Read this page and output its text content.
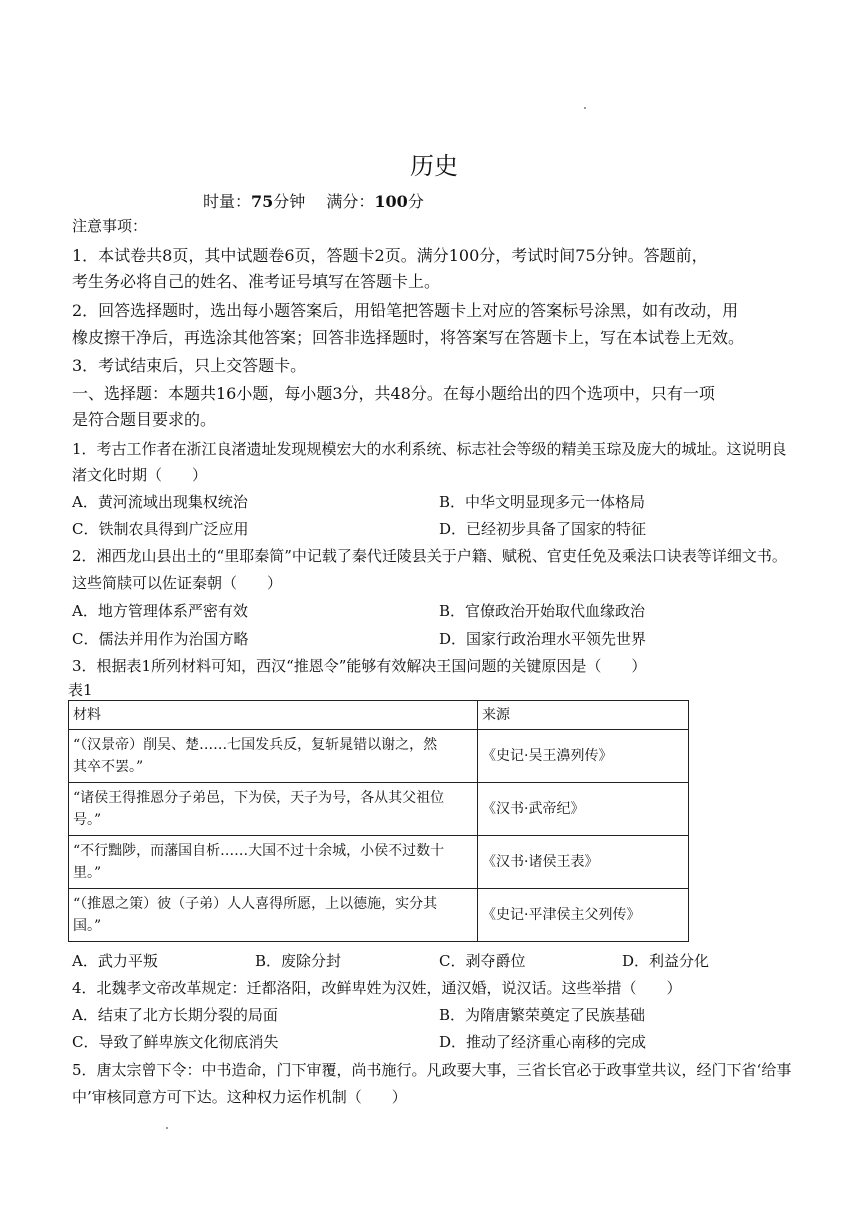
历史
时量：75分钟　 满分：100分
注意事项：
1．本试卷共8页，其中试题卷6页，答题卡2页。满分100分，考试时间75分钟。答题前，
考生务必将自己的姓名、准考证号填写在答题卡上。
2．回答选择题时，选出每小题答案后，用铅笔把答题卡上对应的答案标号涂黑，如有改动，用
橡皮擦干净后，再选涂其他答案；回答非选择题时，将答案写在答题卡上，写在本试卷上无效。
3．考试结束后，只上交答题卡。
一、选择题：本题共16小题，每小题3分，共48分。在每小题给出的四个选项中，只有一项
是符合题目要求的。
1．考古工作者在浙江良渚遗址发现规模宏大的水利系统、标志社会等级的精美玉琮及庞大的城址。这说明良
渚文化时期（　　）
A．黄河流域出现集权统治	B．中华文明显现多元一体格局
C．铁制农具得到广泛应用	D．已经初步具备了国家的特征
2．湘西龙山县出土的“里耶秦简”中记载了秦代迁陵县关于户籍、赋税、官吏任免及乘法口诀表等详细文书。
这些简牍可以佐证秦朝（　　）
A．地方管理体系严密有效	B．官僚政治开始取代血缘政治
C．儒法并用作为治国方略	D．国家行政治理水平领先世界
3．根据表1所列材料可知，西汉“推恩令”能够有效解决王国问题的关键原因是（　　）
表1
材料	来源

“（汉景帝）削吴、楚……七国发兵反，复斩晁错以谢之，然
其卒不罢。”	《史记·吴王濞列传》

“诸侯王得推恩分子弟邑，下为侯，天子为号，各从其父祖位
号。”	《汉书·武帝纪》

“不行黜陟，而藩国自析……大国不过十余城，小侯不过数十
里。”	《汉书·诸侯王表》

“（推恩之策）彼（子弟）人人喜得所愿，上以德施，实分其
国。”	《史记·平津侯主父列传》
A．武力平叛	B．废除分封	C．剥夺爵位	D．利益分化
4．北魏孝文帝改革规定：迁都洛阳，改鲜卑姓为汉姓，通汉婚，说汉话。这些举措（　　）
A．结束了北方长期分裂的局面	B．为隋唐繁荣奠定了民族基础
C．导致了鲜卑族文化彻底消失	D．推动了经济重心南移的完成
5．唐太宗曾下令：中书造命，门下审覆，尚书施行。凡政要大事，三省长官必于政事堂共议，经门下省‘给事
中’审核同意方可下达。这种权力运作机制（　　）
